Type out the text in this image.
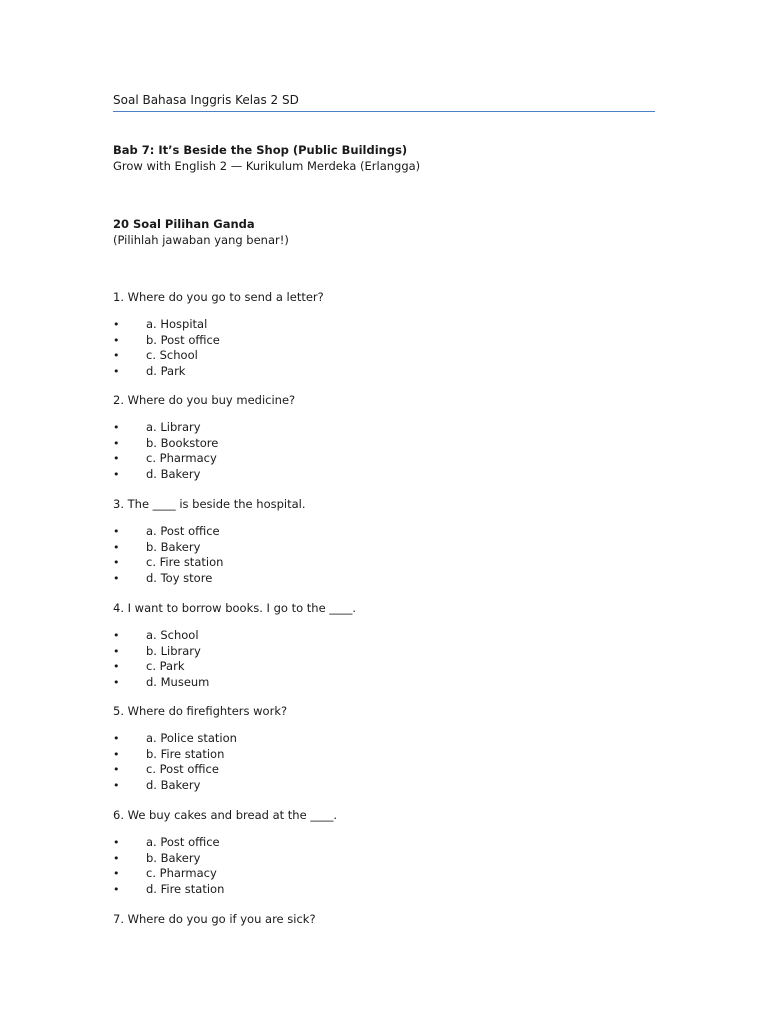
Soal Bahasa Inggris Kelas 2 SD
Bab 7: It’s Beside the Shop (Public Buildings)
Grow with English 2 — Kurikulum Merdeka (Erlangga)
20 Soal Pilihan Ganda
(Pilihlah jawaban yang benar!)
1. Where do you go to send a letter?
• a. Hospital
• b. Post office
• c. School
• d. Park
2. Where do you buy medicine?
• a. Library
• b. Bookstore
• c. Pharmacy
• d. Bakery
3. The ____ is beside the hospital.
• a. Post office
• b. Bakery
• c. Fire station
• d. Toy store
4. I want to borrow books. I go to the ____.
• a. School
• b. Library
• c. Park
• d. Museum
5. Where do firefighters work?
• a. Police station
• b. Fire station
• c. Post office
• d. Bakery
6. We buy cakes and bread at the ____.
• a. Post office
• b. Bakery
• c. Pharmacy
• d. Fire station
7. Where do you go if you are sick?
